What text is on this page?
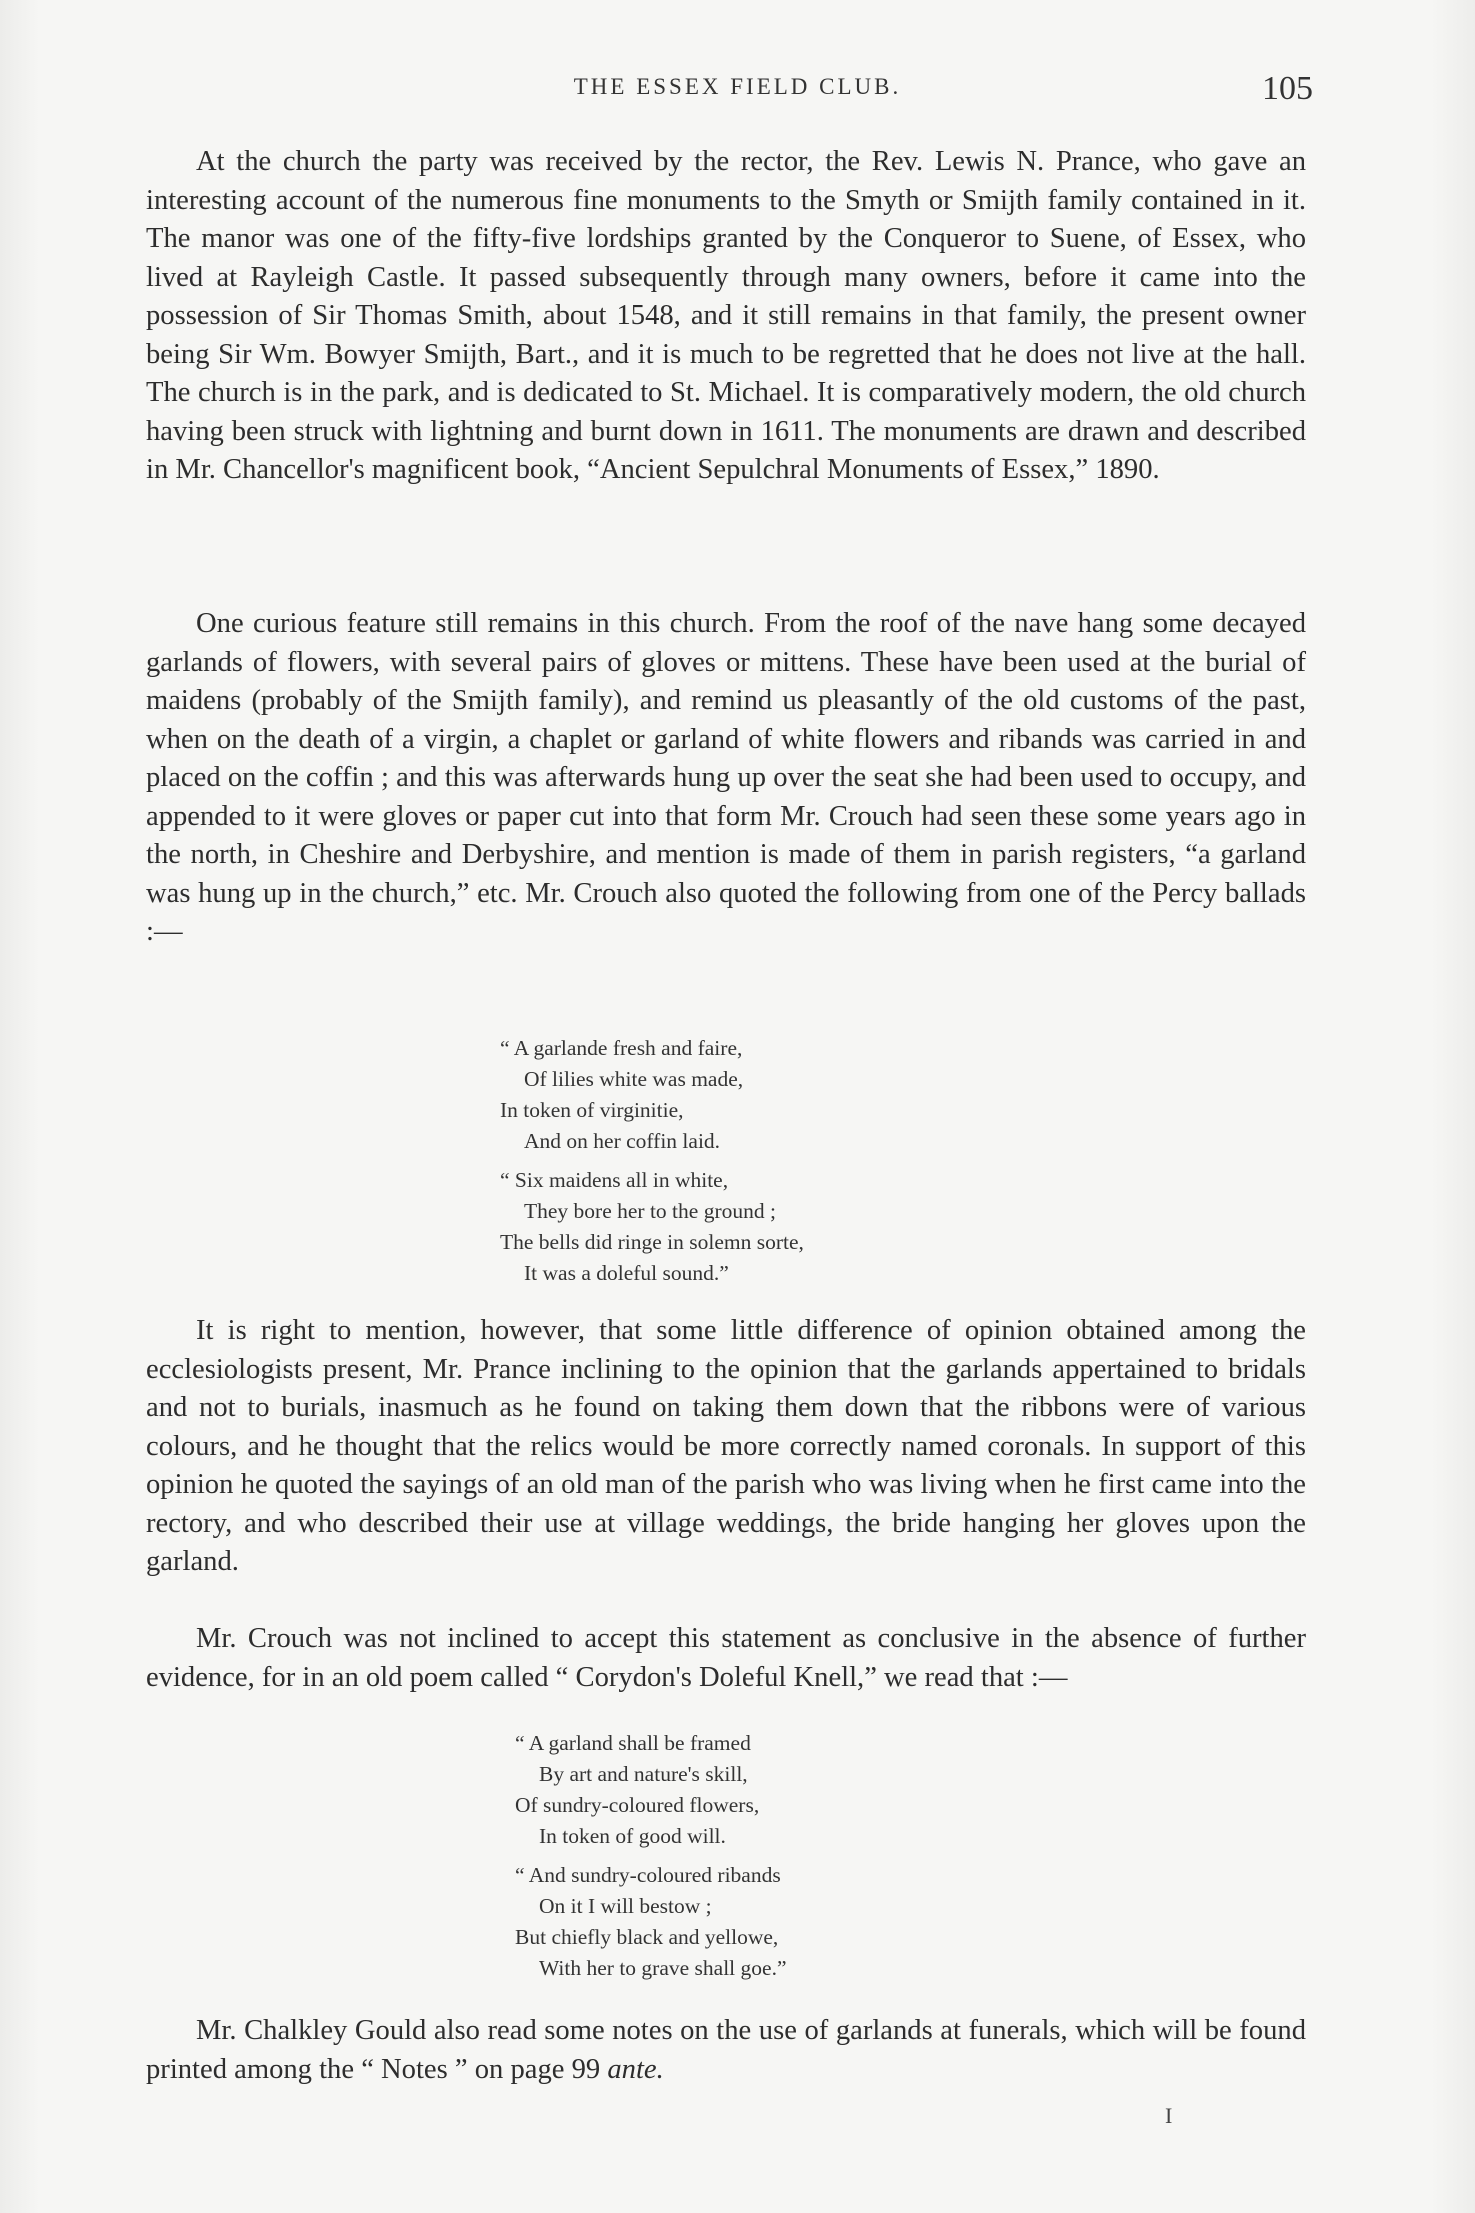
THE ESSEX FIELD CLUB.	105

At the church the party was received by the rector, the Rev. Lewis N. Prance, who gave an interesting account of the numerous fine monuments to the Smyth or Smijth family contained in it. The manor was one of the fifty-five lordships granted by the Conqueror to Suene, of Essex, who lived at Rayleigh Castle. It passed subsequently through many owners, before it came into the possession of Sir Thomas Smith, about 1548, and it still remains in that family, the present owner being Sir Wm. Bowyer Smijth, Bart., and it is much to be regretted that he does not live at the hall. The church is in the park, and is dedicated to St. Michael. It is comparatively modern, the old church having been struck with lightning and burnt down in 1611. The monuments are drawn and described in Mr. Chancellor's magnificent book, “Ancient Sepulchral Monuments of Essex,” 1890.

One curious feature still remains in this church. From the roof of the nave hang some decayed garlands of flowers, with several pairs of gloves or mittens. These have been used at the burial of maidens (probably of the Smijth family), and remind us pleasantly of the old customs of the past, when on the death of a virgin, a chaplet or garland of white flowers and ribands was carried in and placed on the coffin ; and this was afterwards hung up over the seat she had been used to occupy, and appended to it were gloves or paper cut into that form Mr. Crouch had seen these some years ago in the north, in Cheshire and Derbyshire, and mention is made of them in parish registers, “a garland was hung up in the church,” etc. Mr. Crouch also quoted the following from one of the Percy ballads :—

“ A garlande fresh and faire,
Of lilies white was made,
In token of virginitie,
And on her coffin laid.
“ Six maidens all in white,
They bore her to the ground ;
The bells did ringe in solemn sorte,
It was a doleful sound.”

It is right to mention, however, that some little difference of opinion obtained among the ecclesiologists present, Mr. Prance inclining to the opinion that the garlands appertained to bridals and not to burials, inasmuch as he found on taking them down that the ribbons were of various colours, and he thought that the relics would be more correctly named coronals. In support of this opinion he quoted the sayings of an old man of the parish who was living when he first came into the rectory, and who described their use at village weddings, the bride hanging her gloves upon the garland.

Mr. Crouch was not inclined to accept this statement as conclusive in the absence of further evidence, for in an old poem called “ Corydon's Doleful Knell,” we read that :—

“ A garland shall be framed
By art and nature's skill,
Of sundry-coloured flowers,
In token of good will.
“ And sundry-coloured ribands
On it I will bestow ;
But chiefly black and yellowe,
With her to grave shall goe.”

Mr. Chalkley Gould also read some notes on the use of garlands at funerals, which will be found printed among the “ Notes ” on page 99 ante.

I
